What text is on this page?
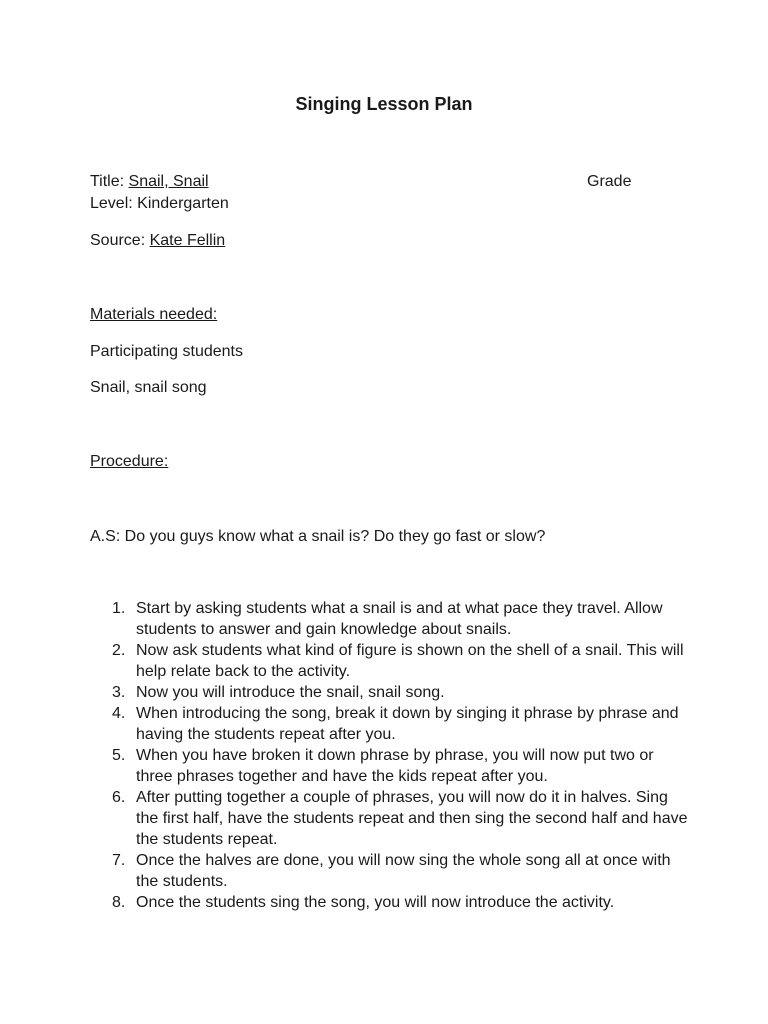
Singing Lesson Plan
Title: Snail, Snail	Grade
Level: Kindergarten
Source: Kate Fellin
Materials needed:
Participating students
Snail, snail song
Procedure:
A.S: Do you guys know what a snail is? Do they go fast or slow?
1. Start by asking students what a snail is and at what pace they travel. Allow students to answer and gain knowledge about snails.
2. Now ask students what kind of figure is shown on the shell of a snail. This will help relate back to the activity.
3. Now you will introduce the snail, snail song.
4. When introducing the song, break it down by singing it phrase by phrase and having the students repeat after you.
5. When you have broken it down phrase by phrase, you will now put two or three phrases together and have the kids repeat after you.
6. After putting together a couple of phrases, you will now do it in halves. Sing the first half, have the students repeat and then sing the second half and have the students repeat.
7. Once the halves are done, you will now sing the whole song all at once with the students.
8. Once the students sing the song, you will now introduce the activity.
